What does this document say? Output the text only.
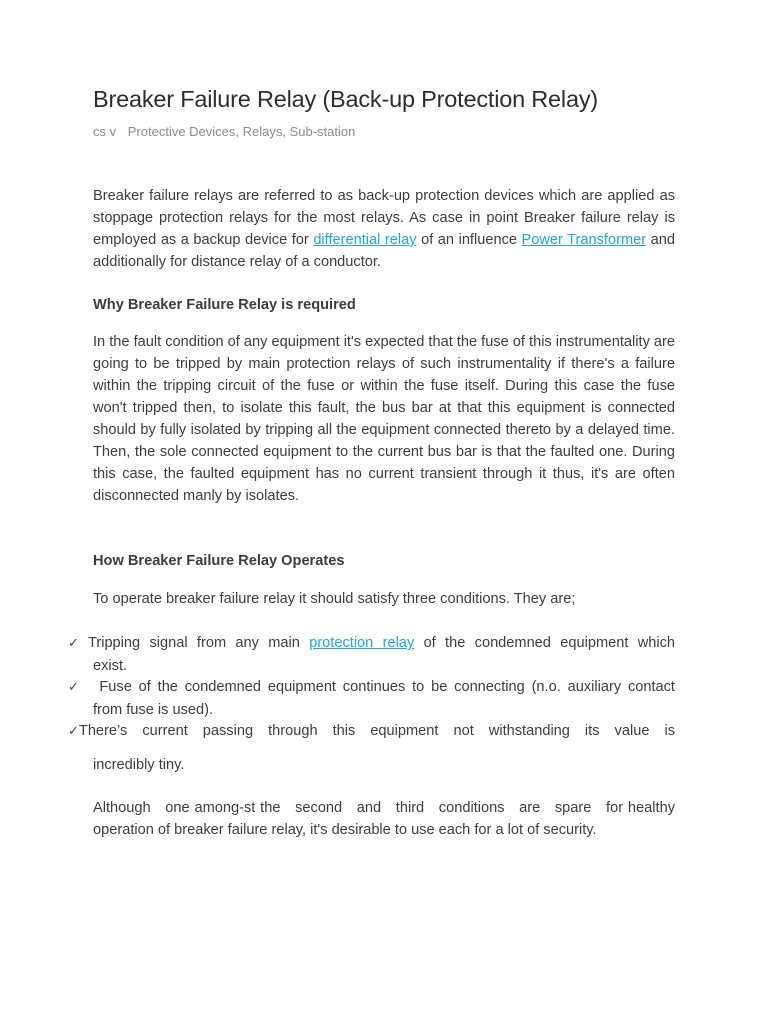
Breaker Failure Relay (Back-up Protection Relay)
cs v Protective Devices, Relays, Sub-station

Breaker failure relays are referred to as back-up protection devices which are applied as stoppage protection relays for the most relays. As case in point Breaker failure relay is employed as a backup device for differential relay of an influence Power Transformer and additionally for distance relay of a conductor.

Why Breaker Failure Relay is required

In the fault condition of any equipment it's expected that the fuse of this instrumentality are going to be tripped by main protection relays of such instrumentality if there's a failure within the tripping circuit of the fuse or within the fuse itself. During this case the fuse won't tripped then, to isolate this fault, the bus bar at that this equipment is connected should by fully isolated by tripping all the equipment connected thereto by a delayed time. Then, the sole connected equipment to the current bus bar is that the faulted one. During this case, the faulted equipment has no current transient through it thus, it's are often disconnected manly by isolates.

How Breaker Failure Relay Operates

To operate breaker failure relay it should satisfy three conditions. They are;

✓ Tripping signal from any main protection relay of the condemned equipment which
exist.
✓ Fuse of the condemned equipment continues to be connecting (n.o. auxiliary contact
from fuse is used).
✓There’s current passing through this equipment not withstanding its value is
incredibly tiny.

Although   one among-st the   second   and   third   conditions   are   spare   for healthy operation of breaker failure relay, it's desirable to use each for a lot of security.
